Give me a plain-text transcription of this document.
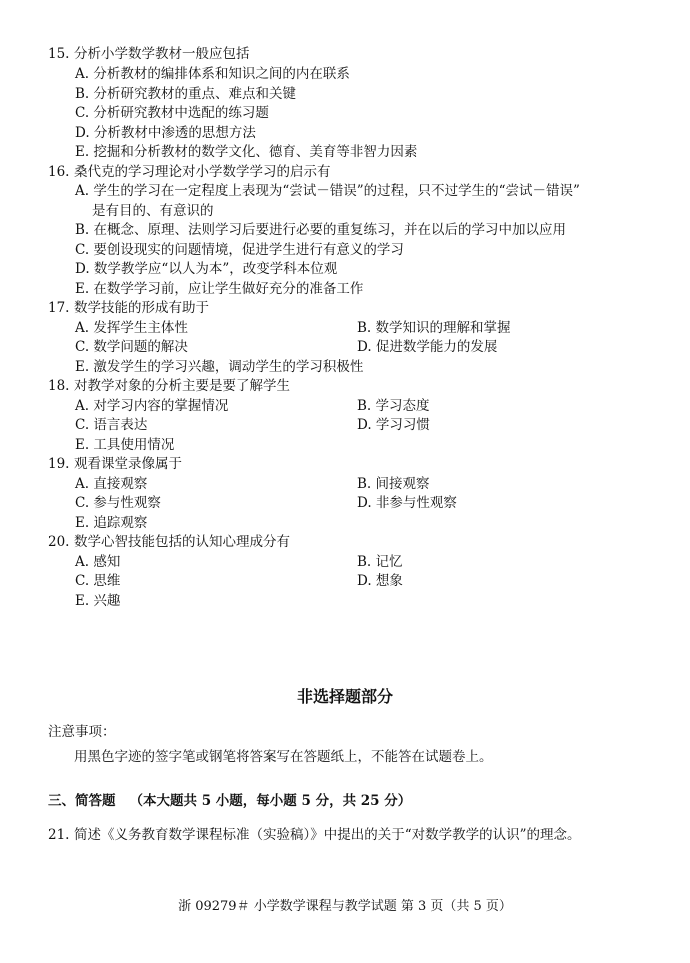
15. 分析小学数学教材一般应包括
A. 分析教材的编排体系和知识之间的内在联系
B. 分析研究教材的重点、难点和关键
C. 分析研究教材中选配的练习题
D. 分析教材中渗透的思想方法
E. 挖掘和分析教材的数学文化、德育、美育等非智力因素
16. 桑代克的学习理论对小学数学学习的启示有
A. 学生的学习在一定程度上表现为“尝试－错误”的过程，只不过学生的“尝试－错误”
是有目的、有意识的
B. 在概念、原理、法则学习后要进行必要的重复练习，并在以后的学习中加以应用
C. 要创设现实的问题情境，促进学生进行有意义的学习
D. 数学教学应“以人为本”，改变学科本位观
E. 在数学学习前，应让学生做好充分的准备工作
17. 数学技能的形成有助于
A. 发挥学生主体性	B. 数学知识的理解和掌握
C. 数学问题的解决	D. 促进数学能力的发展
E. 激发学生的学习兴趣，调动学生的学习积极性
18. 对教学对象的分析主要是要了解学生
A. 对学习内容的掌握情况	B. 学习态度
C. 语言表达	D. 学习习惯
E. 工具使用情况
19. 观看课堂录像属于
A. 直接观察	B. 间接观察
C. 参与性观察	D. 非参与性观察
E. 追踪观察
20. 数学心智技能包括的认知心理成分有
A. 感知	B. 记忆
C. 思维	D. 想象
E. 兴趣
非选择题部分
注意事项：
用黑色字迹的签字笔或钢笔将答案写在答题纸上，不能答在试题卷上。
三、简答题 （本大题共 5 小题，每小题 5 分，共 25 分）
21. 简述《义务教育数学课程标准（实验稿）》中提出的关于“对数学教学的认识”的理念。
浙 09279＃ 小学数学课程与教学试题 第 3 页（共 5 页）
